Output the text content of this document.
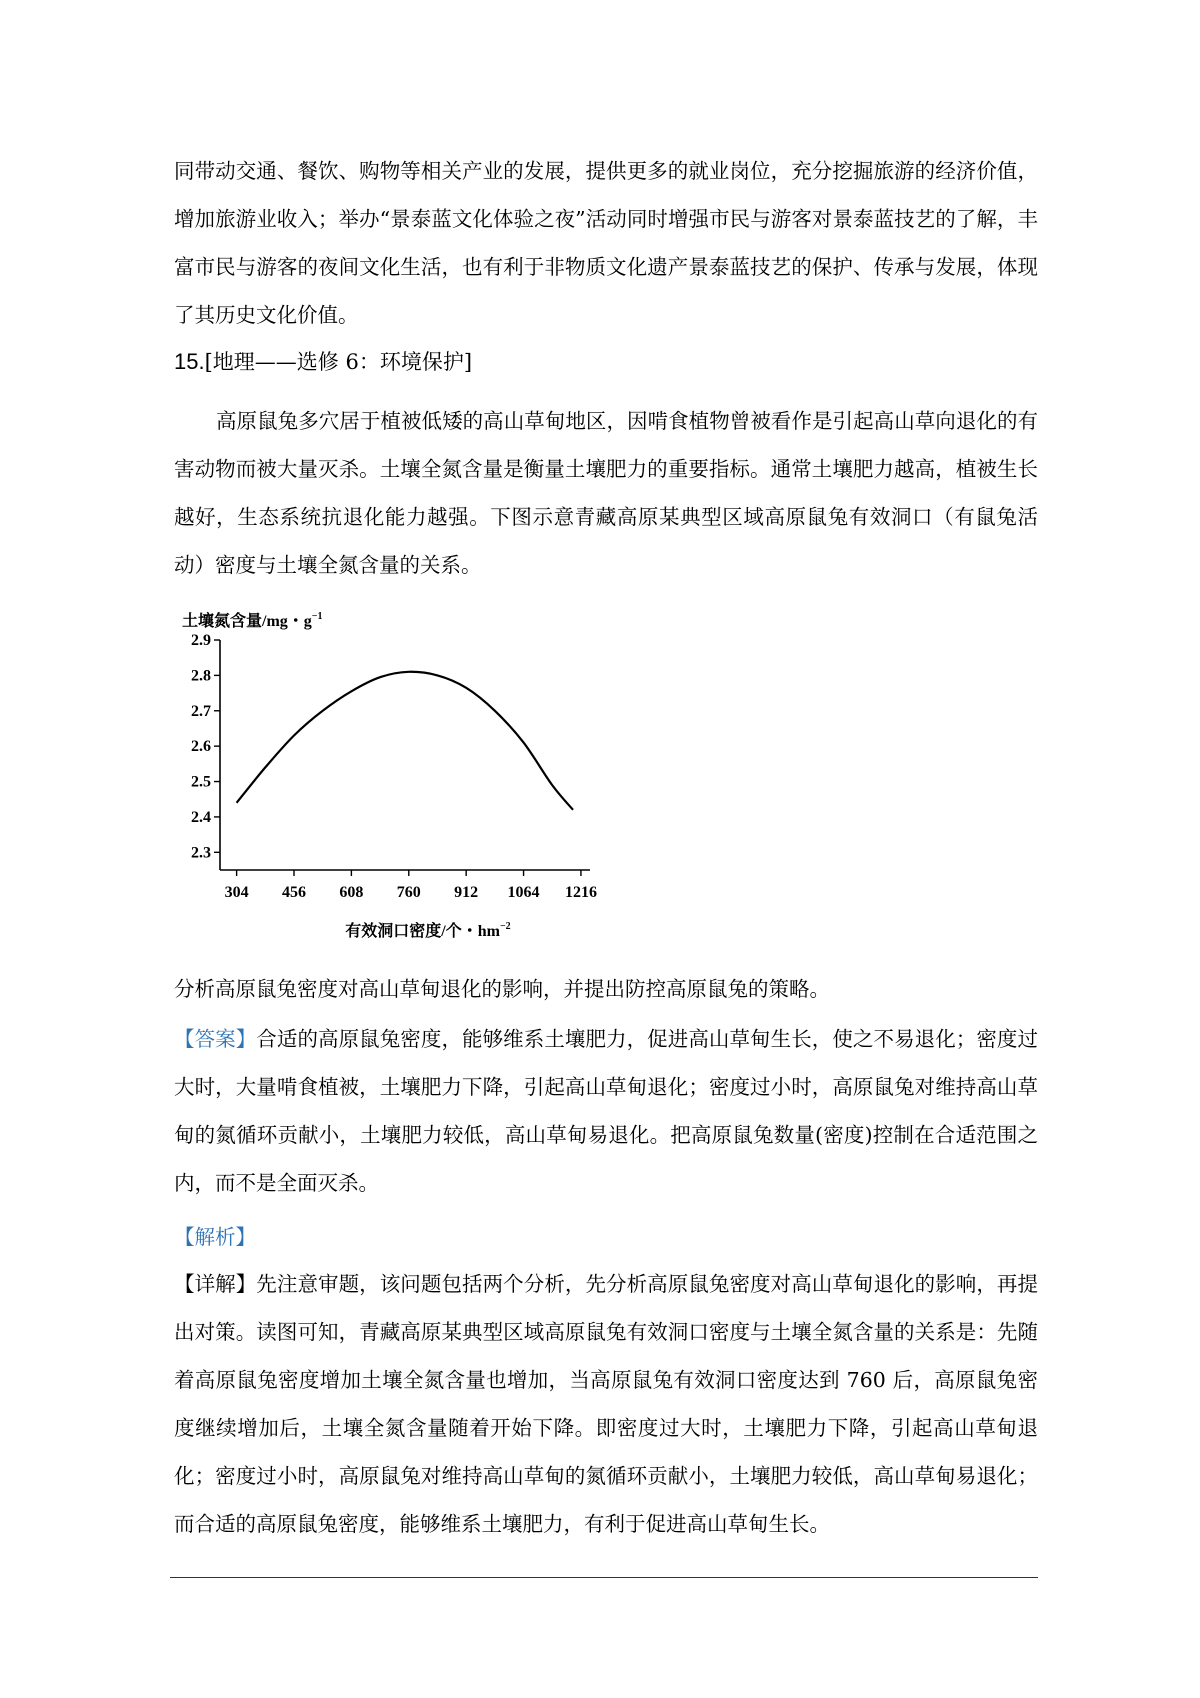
同带动交通、餐饮、购物等相关产业的发展，提供更多的就业岗位，充分挖掘旅游的经济价值，增加旅游业收入；举办“景泰蓝文化体验之夜”活动同时增强市民与游客对景泰蓝技艺的了解，丰富市民与游客的夜间文化生活，也有利于非物质文化遗产景泰蓝技艺的保护、传承与发展，体现了其历史文化价值。

15.[地理——选修 6：环境保护]

高原鼠兔多穴居于植被低矮的高山草甸地区，因啃食植物曾被看作是引起高山草向退化的有害动物而被大量灭杀。土壤全氮含量是衡量土壤肥力的重要指标。通常土壤肥力越高，植被生长越好，生态系统抗退化能力越强。下图示意青藏高原某典型区域高原鼠兔有效洞口（有鼠兔活动）密度与土壤全氮含量的关系。

土壤氮含量/mg・$g^{-1}$
2.3
2.4
2.5
2.6
2.7
2.8
2.9
304 456 608 760 912 1064 1216
有效洞口密度/个・$hm^{-2}$

分析高原鼠兔密度对高山草甸退化的影响，并提出防控高原鼠兔的策略。

【答案】合适的高原鼠兔密度，能够维系土壤肥力，促进高山草甸生长，使之不易退化；密度过大时，大量啃食植被，土壤肥力下降，引起高山草甸退化；密度过小时，高原鼠兔对维持高山草甸的氮循环贡献小，土壤肥力较低，高山草甸易退化。把高原鼠兔数量(密度)控制在合适范围之内，而不是全面灭杀。

【解析】

【详解】先注意审题，该问题包括两个分析，先分析高原鼠兔密度对高山草甸退化的影响，再提出对策。读图可知，青藏高原某典型区域高原鼠兔有效洞口密度与土壤全氮含量的关系是：先随着高原鼠兔密度增加土壤全氮含量也增加，当高原鼠兔有效洞口密度达到 760 后，高原鼠兔密度继续增加后，土壤全氮含量随着开始下降。即密度过大时，土壤肥力下降，引起高山草甸退化；密度过小时，高原鼠兔对维持高山草甸的氮循环贡献小，土壤肥力较低，高山草甸易退化；而合适的高原鼠兔密度，能够维系土壤肥力，有利于促进高山草甸生长。
